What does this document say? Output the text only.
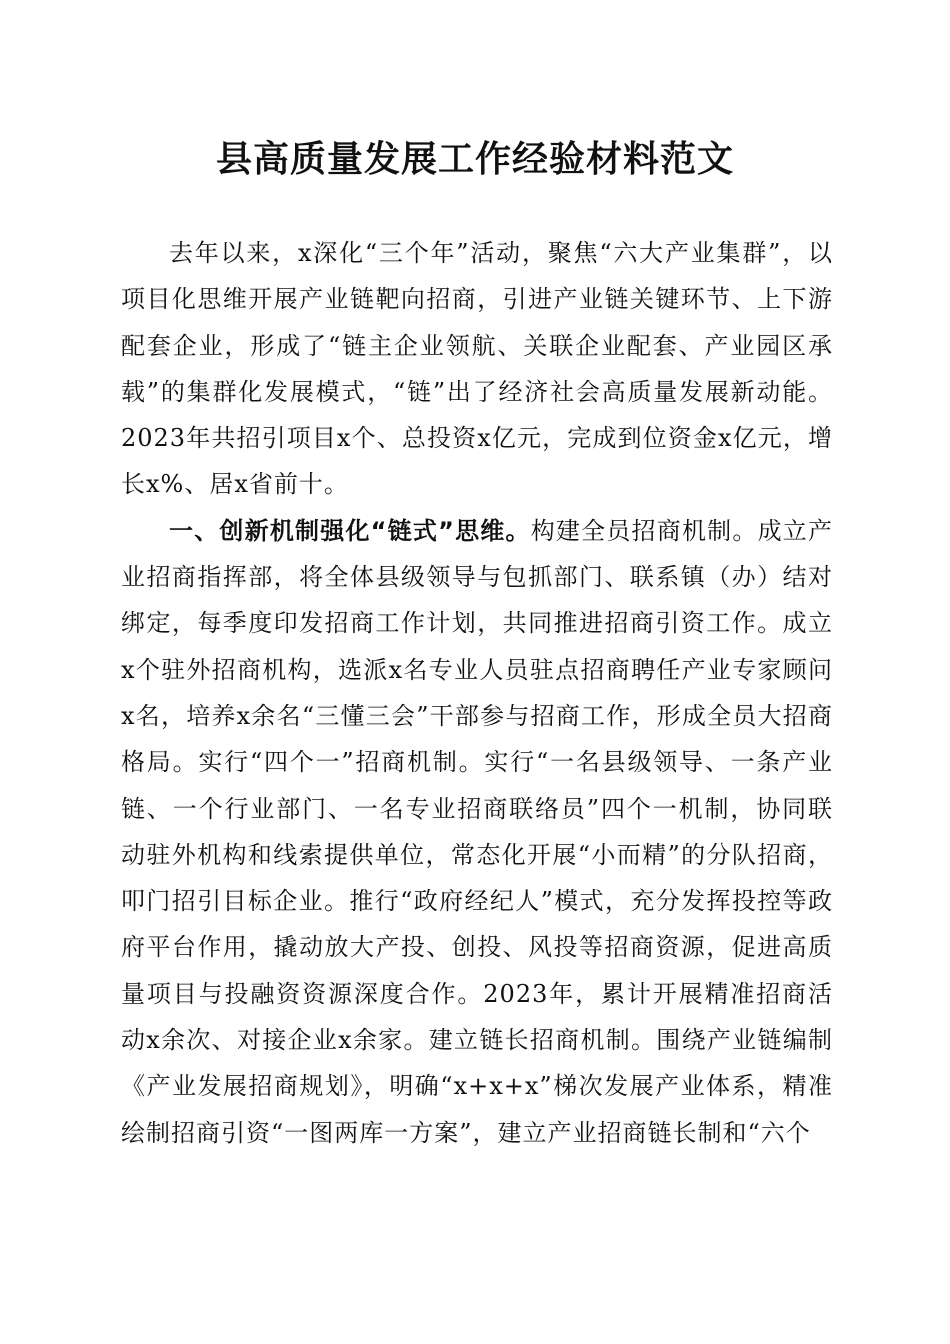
县高质量发展工作经验材料范文

去年以来，x深化“三个年”活动，聚焦“六大产业集群”，以项目化思维开展产业链靶向招商，引进产业链关键环节、上下游配套企业，形成了“链主企业领航、关联企业配套、产业园区承载”的集群化发展模式，“链”出了经济社会高质量发展新动能。2023年共招引项目x个、总投资x亿元，完成到位资金x亿元，增长x%、居x省前十。

一、创新机制强化“链式”思维。构建全员招商机制。成立产业招商指挥部，将全体县级领导与包抓部门、联系镇（办）结对绑定，每季度印发招商工作计划，共同推进招商引资工作。成立x个驻外招商机构，选派x名专业人员驻点招商聘任产业专家顾问x名，培养x余名“三懂三会”干部参与招商工作，形成全员大招商格局。实行“四个一”招商机制。实行“一名县级领导、一条产业链、一个行业部门、一名专业招商联络员”四个一机制，协同联动驻外机构和线索提供单位，常态化开展“小而精”的分队招商，叩门招引目标企业。推行“政府经纪人”模式，充分发挥投控等政府平台作用，撬动放大产投、创投、风投等招商资源，促进高质量项目与投融资资源深度合作。2023年，累计开展精准招商活动x余次、对接企业x余家。建立链长招商机制。围绕产业链编制《产业发展招商规划》，明确“x+x+x”梯次发展产业体系，精准绘制招商引资“一图两库一方案”，建立产业招商链长制和“六个
